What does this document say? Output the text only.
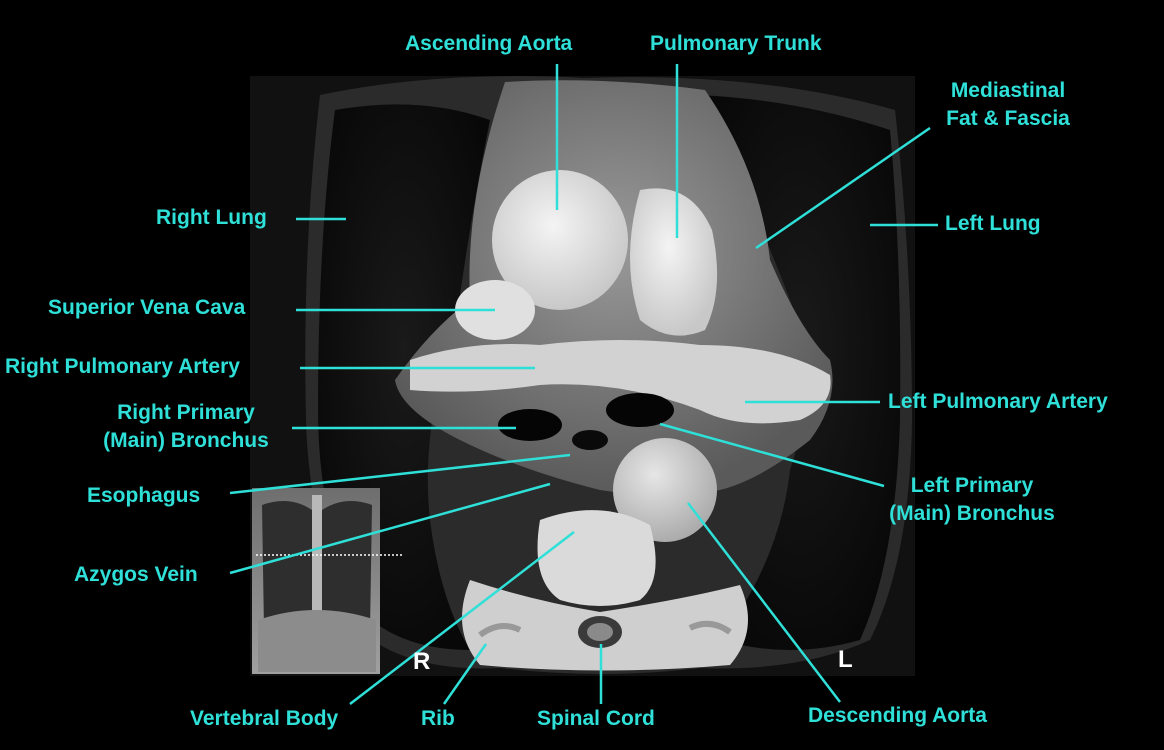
R	L
Ascending Aorta	Pulmonary Trunk
Mediastinal
Fat & Fascia
Right Lung	Left Lung
Superior Vena Cava
Right Pulmonary Artery
Left Pulmonary Artery
Right Primary
(Main) Bronchus
Left Primary
(Main) Bronchus
Esophagus
Azygos Vein
Vertebral Body	Rib	Spinal Cord	Descending Aorta
